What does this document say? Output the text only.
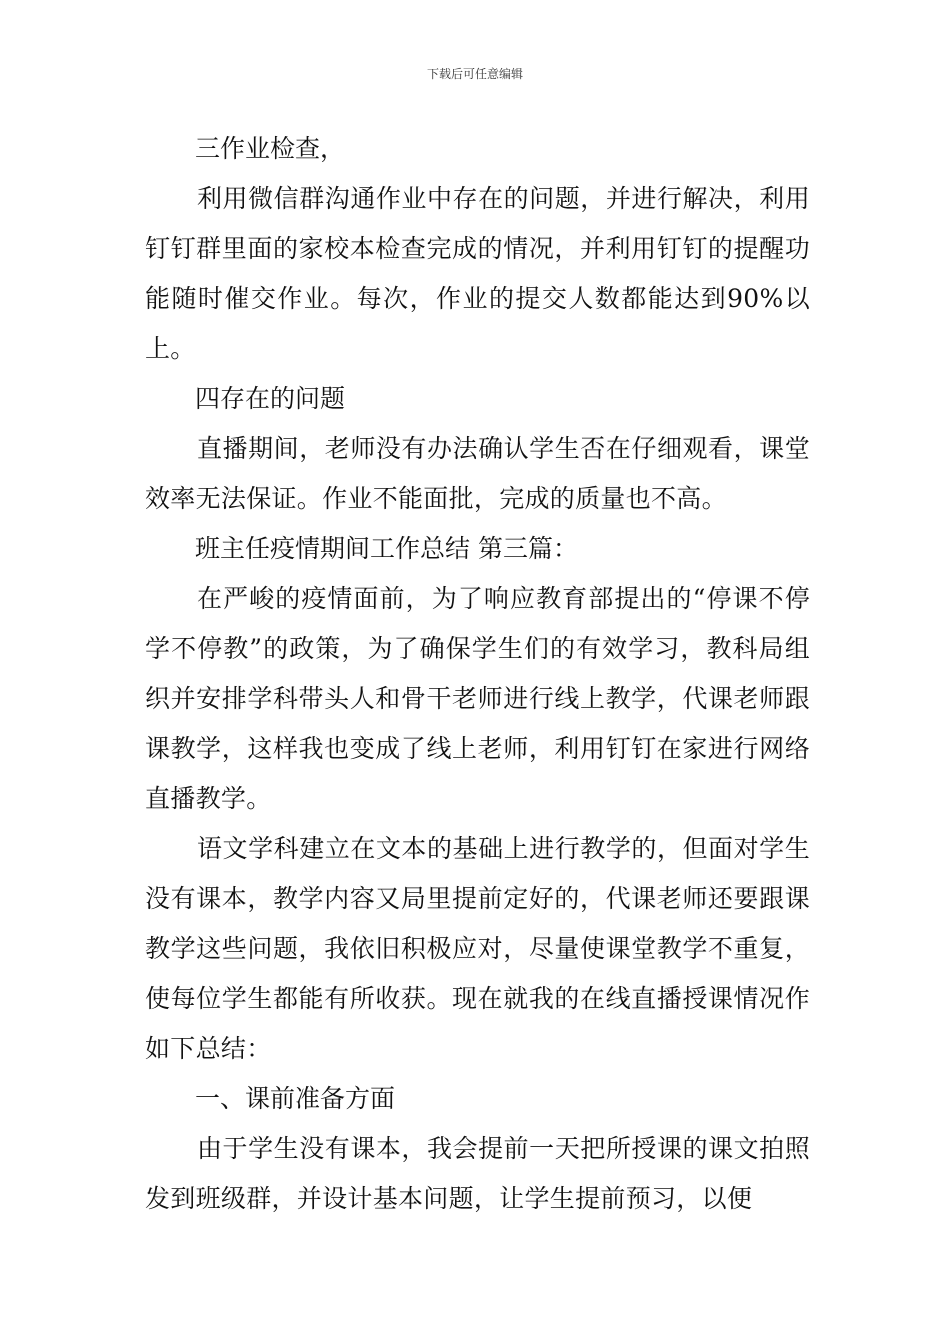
下载后可任意编辑

三作业检查，

利用微信群沟通作业中存在的问题，并进行解决，利用钉钉群里面的家校本检查完成的情况，并利用钉钉的提醒功能随时催交作业。每次，作业的提交人数都能达到90%以上。

四存在的问题

直播期间，老师没有办法确认学生否在仔细观看，课堂效率无法保证。作业不能面批，完成的质量也不高。

班主任疫情期间工作总结 第三篇：

在严峻的疫情面前，为了响应教育部提出的“停课不停学不停教”的政策，为了确保学生们的有效学习，教科局组织并安排学科带头人和骨干老师进行线上教学，代课老师跟课教学，这样我也变成了线上老师，利用钉钉在家进行网络直播教学。

语文学科建立在文本的基础上进行教学的，但面对学生没有课本，教学内容又局里提前定好的，代课老师还要跟课教学这些问题，我依旧积极应对，尽量使课堂教学不重复，使每位学生都能有所收获。现在就我的在线直播授课情况作如下总结：

一、课前准备方面

由于学生没有课本，我会提前一天把所授课的课文拍照发到班级群，并设计基本问题，让学生提前预习，以便
